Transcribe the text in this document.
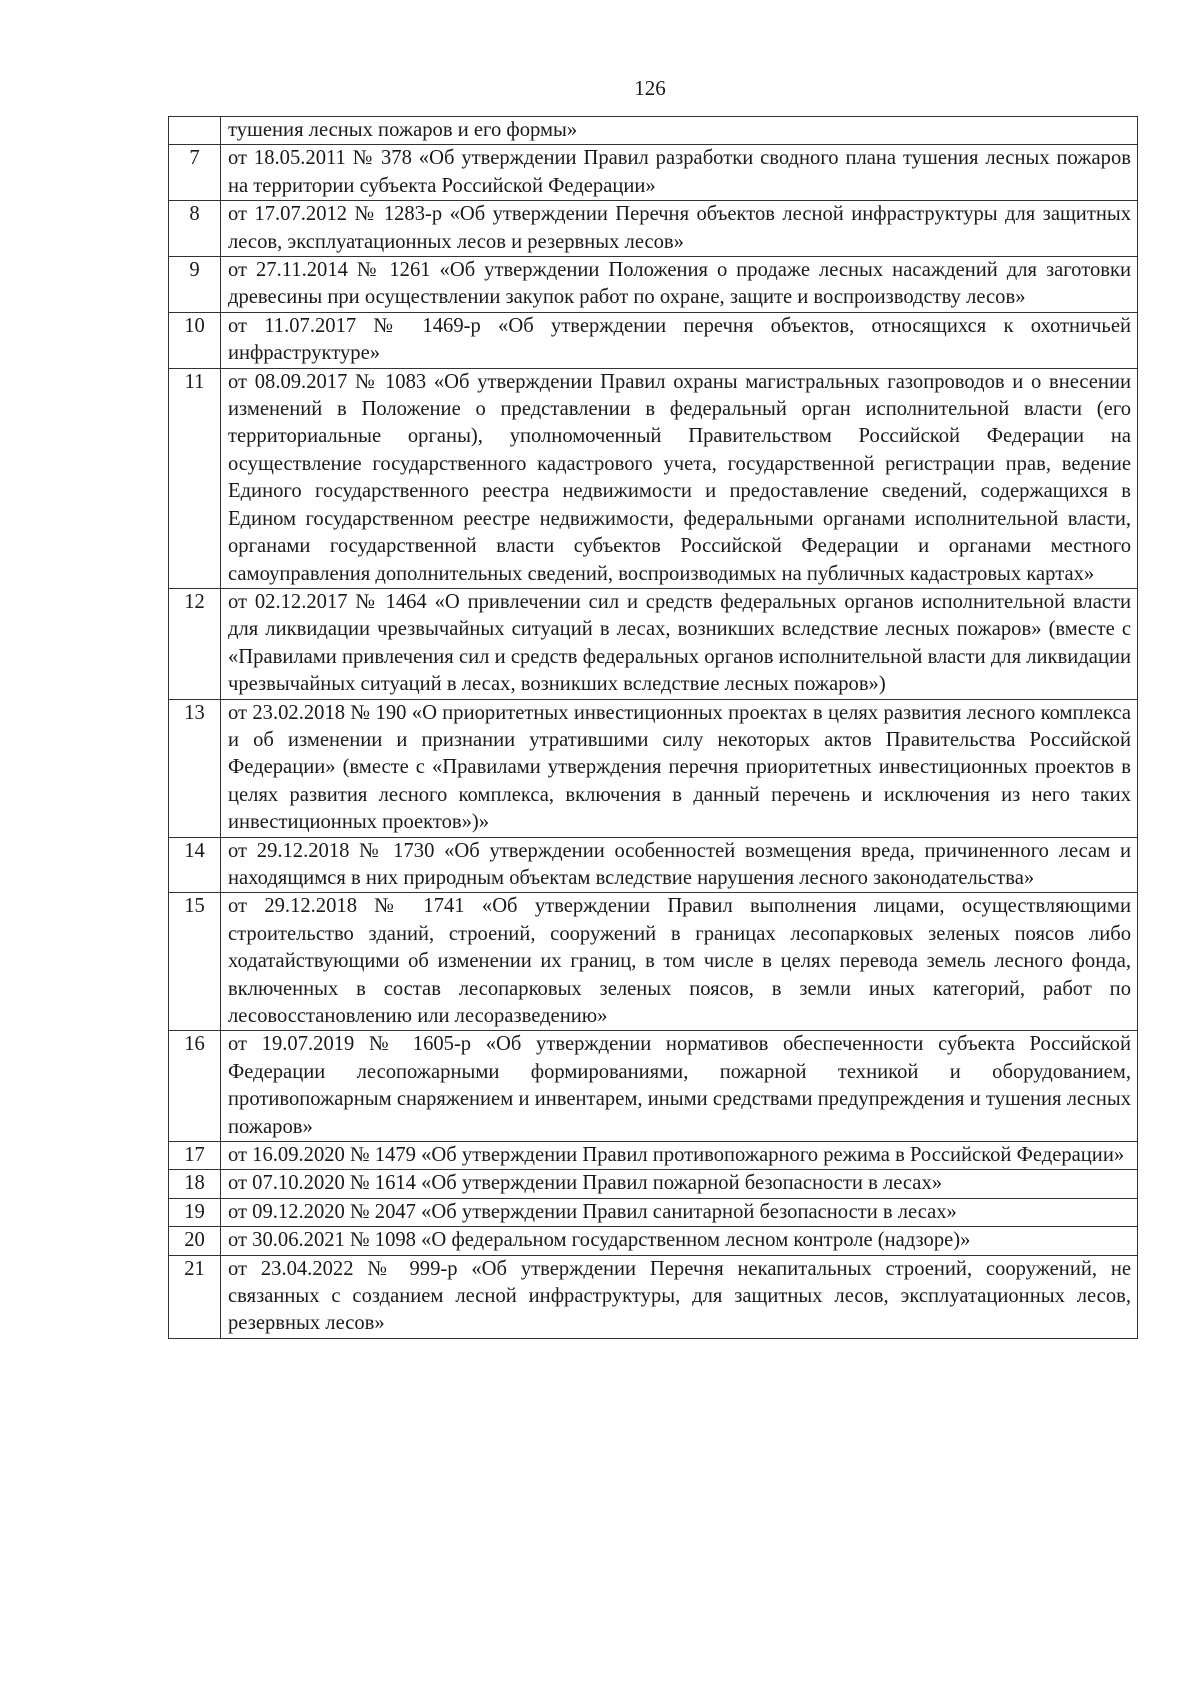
126
	тушения лесных пожаров и его формы»
7	от 18.05.2011 № 378 «Об утверждении Правил разработки сводного плана тушения лесных пожаров на территории субъекта Российской Федерации»
8	от 17.07.2012 № 1283-р «Об утверждении Перечня объектов лесной инфраструктуры для защитных лесов, эксплуатационных лесов и резервных лесов»
9	от 27.11.2014 № 1261 «Об утверждении Положения о продаже лесных насаждений для заготовки древесины при осуществлении закупок работ по охране, защите и воспроизводству лесов»
10	от 11.07.2017 № 1469-р «Об утверждении перечня объектов, относящихся к охотничьей инфраструктуре»
11	от 08.09.2017 № 1083 «Об утверждении Правил охраны магистральных газопроводов и о внесении изменений в Положение о представлении в федеральный орган исполнительной власти (его территориальные органы), уполномоченный Правительством Российской Федерации на осуществление государственного кадастрового учета, государственной регистрации прав, ведение Единого государственного реестра недвижимости и предоставление сведений, содержащихся в Едином государственном реестре недвижимости, федеральными органами исполнительной власти, органами государственной власти субъектов Российской Федерации и органами местного самоуправления дополнительных сведений, воспроизводимых на публичных кадастровых картах»
12	от 02.12.2017 № 1464 «О привлечении сил и средств федеральных органов исполнительной власти для ликвидации чрезвычайных ситуаций в лесах, возникших вследствие лесных пожаров» (вместе с «Правилами привлечения сил и средств федеральных органов исполнительной власти для ликвидации чрезвычайных ситуаций в лесах, возникших вследствие лесных пожаров»)
13	от 23.02.2018 № 190 «О приоритетных инвестиционных проектах в целях развития лесного комплекса и об изменении и признании утратившими силу некоторых актов Правительства Российской Федерации» (вместе с «Правилами утверждения перечня приоритетных инвестиционных проектов в целях развития лесного комплекса, включения в данный перечень и исключения из него таких инвестиционных проектов»)»
14	от 29.12.2018 № 1730 «Об утверждении особенностей возмещения вреда, причиненного лесам и находящимся в них природным объектам вследствие нарушения лесного законодательства»
15	от 29.12.2018 № 1741 «Об утверждении Правил выполнения лицами, осуществляющими строительство зданий, строений, сооружений в границах лесопарковых зеленых поясов либо ходатайствующими об изменении их границ, в том числе в целях перевода земель лесного фонда, включенных в состав лесопарковых зеленых поясов, в земли иных категорий, работ по лесовосстановлению или лесоразведению»
16	от 19.07.2019 № 1605-р «Об утверждении нормативов обеспеченности субъекта Российской Федерации лесопожарными формированиями, пожарной техникой и оборудованием, противопожарным снаряжением и инвентарем, иными средствами предупреждения и тушения лесных пожаров»
17	от 16.09.2020 № 1479 «Об утверждении Правил противопожарного режима в Российской Федерации»
18	от 07.10.2020 № 1614 «Об утверждении Правил пожарной безопасности в лесах»
19	от 09.12.2020 № 2047 «Об утверждении Правил санитарной безопасности в лесах»
20	от 30.06.2021 № 1098 «О федеральном государственном лесном контроле (надзоре)»
21	от 23.04.2022 № 999-р «Об утверждении Перечня некапитальных строений, сооружений, не связанных с созданием лесной инфраструктуры, для защитных лесов, эксплуатационных лесов, резервных лесов»
